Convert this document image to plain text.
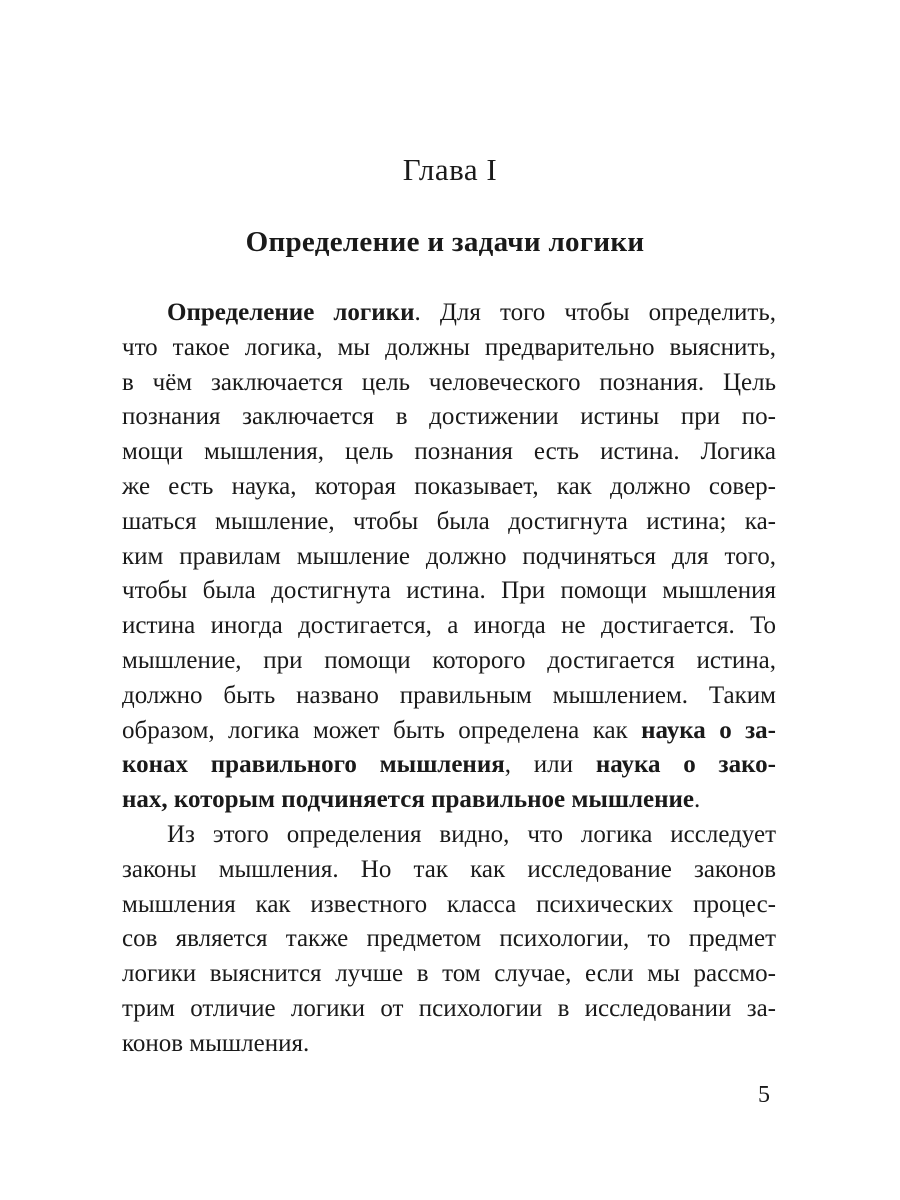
Глава I
Определение и задачи логики
Определение логики. Для того чтобы определить,
что такое логика, мы должны предварительно выяснить,
в чём заключается цель человеческого познания. Цель
познания заключается в достижении истины при по-
мощи мышления, цель познания есть истина. Логика
же есть наука, которая показывает, как должно совер-
шаться мышление, чтобы была достигнута истина; ка-
ким правилам мышление должно подчиняться для того,
чтобы была достигнута истина. При помощи мышления
истина иногда достигается, а иногда не достигается. То
мышление, при помощи которого достигается истина,
должно быть названо правильным мышлением. Таким
образом, логика может быть определена как наука о за-
конах правильного мышления, или наука о зако-
нах, которым подчиняется правильное мышление.
Из этого определения видно, что логика исследует
законы мышления. Но так как исследование законов
мышления как известного класса психических процес-
сов является также предметом психологии, то предмет
логики выяснится лучше в том случае, если мы рассмо-
трим отличие логики от психологии в исследовании за-
конов мышления.
5
